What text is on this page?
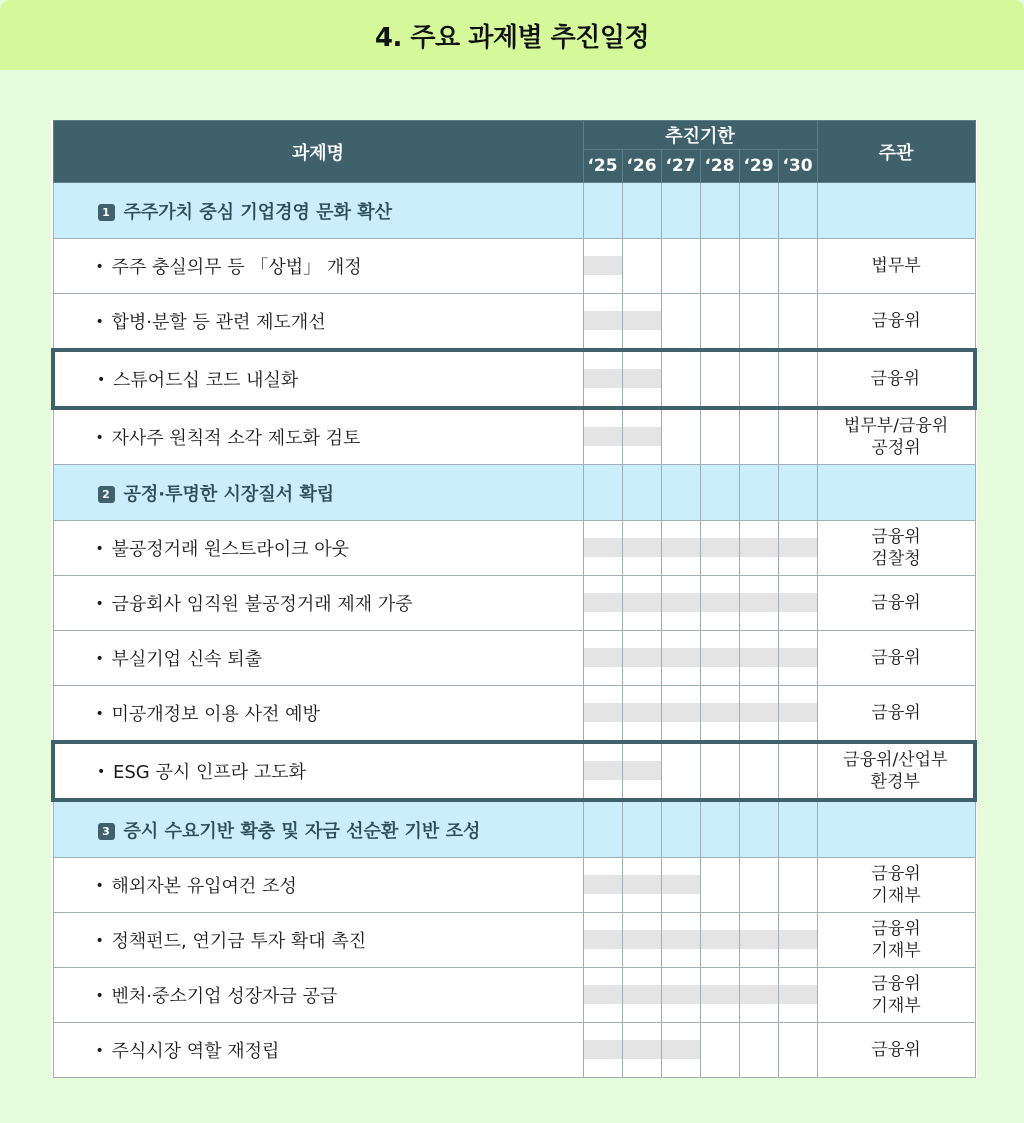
4. 주요 과제별 추진일정
과제명	추진기한						주관
	‘25	‘26	‘27	‘28	‘29	‘30	
1 주주가치 중심 기업경영 문화 확산							
• 주주 충실의무 등 「상법」 개정							법무부

• 합병·분할 등 관련 제도개선							금융위

• 스튜어드십 코드 내실화							금융위

• 자사주 원칙적 소각 제도화 검토							법무부/금융위
공정위

2 공정·투명한 시장질서 확립							
• 불공정거래 원스트라이크 아웃							금융위
검찰청

• 금융회사 임직원 불공정거래 제재 가중							금융위

• 부실기업 신속 퇴출							금융위

• 미공개정보 이용 사전 예방							금융위

• ESG 공시 인프라 고도화							금융위/산업부
환경부

3 증시 수요기반 확충 및 자금 선순환 기반 조성							
• 해외자본 유입여건 조성							금융위
기재부

• 정책펀드, 연기금 투자 확대 촉진							금융위
기재부

• 벤처·중소기업 성장자금 공급							금융위
기재부

• 주식시장 역할 재정립							금융위
